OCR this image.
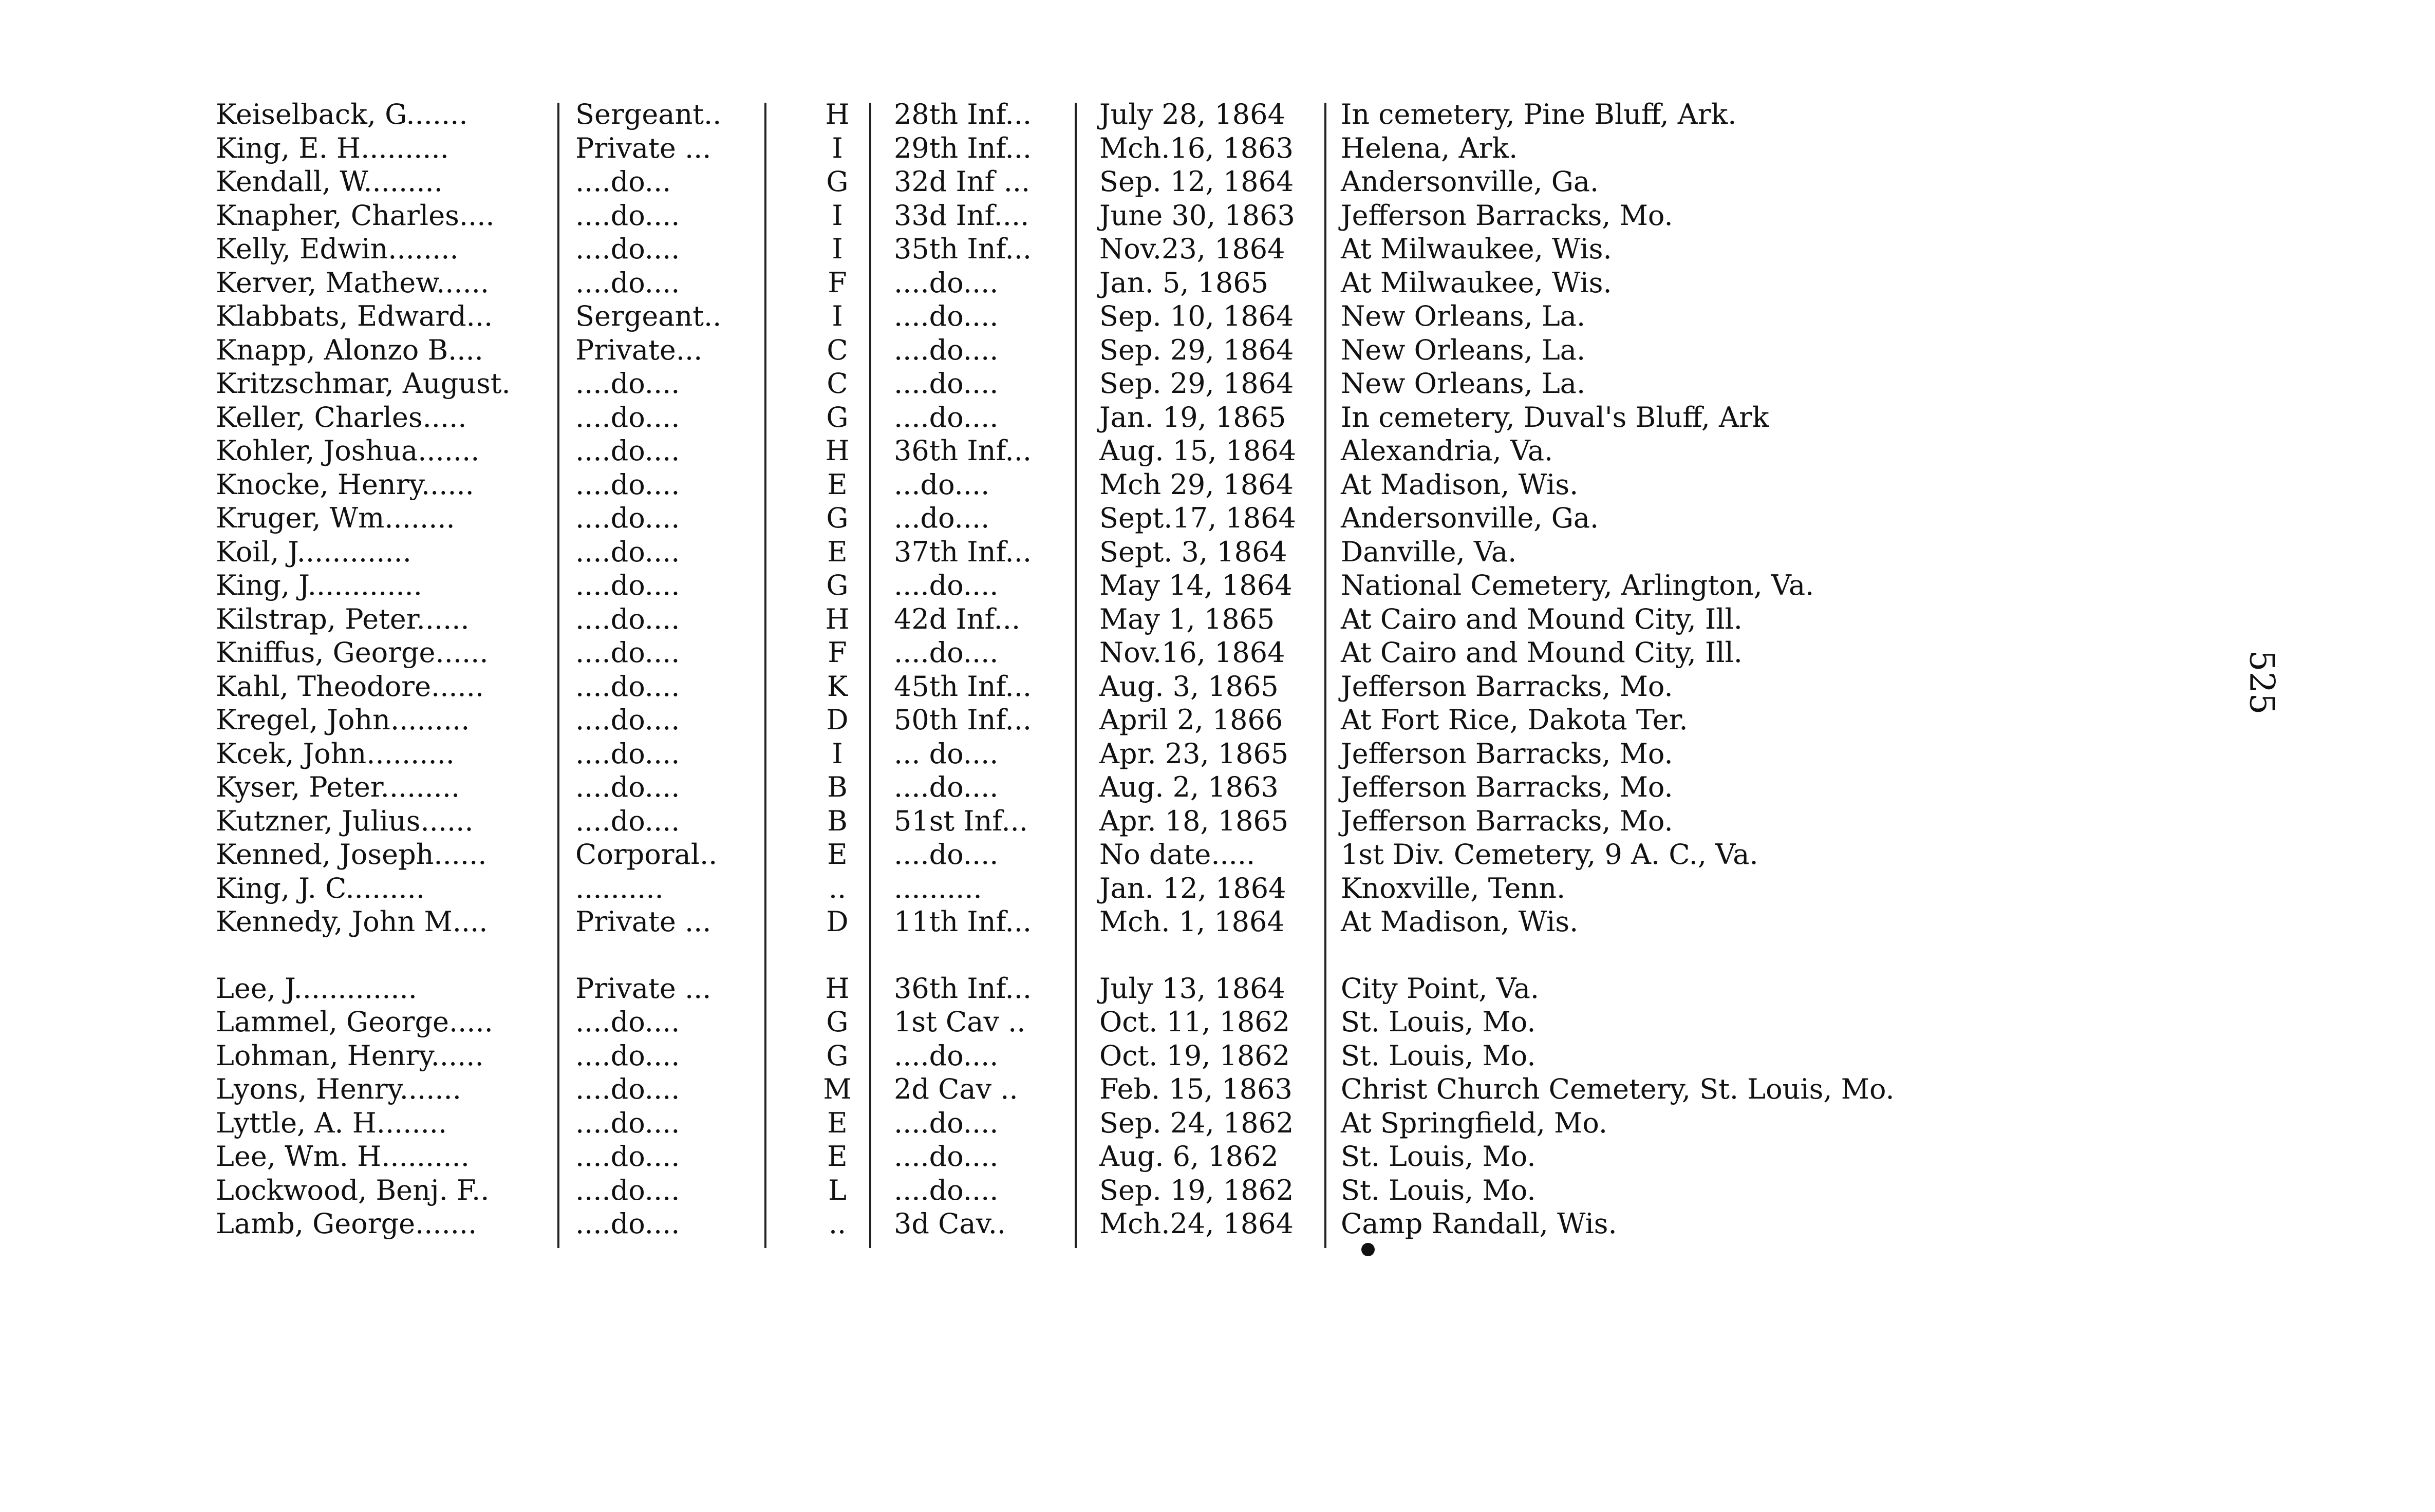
Keiselback, G.......	Sergeant..	H	28th Inf...	July 28, 1864	In cemetery, Pine Bluff, Ark.
King, E. H..........	Private ...	I	29th Inf...	Mch.16, 1863	Helena, Ark.
Kendall, W.........	....do...	G	32d Inf ...	Sep. 12, 1864	Andersonville, Ga.
Knapher, Charles....	....do....	I	33d Inf....	June 30, 1863	Jefferson Barracks, Mo.
Kelly, Edwin........	....do....	I	35th Inf...	Nov.23, 1864	At Milwaukee, Wis.
Kerver, Mathew......	....do....	F	....do....	Jan. 5, 1865	At Milwaukee, Wis.
Klabbats, Edward...	Sergeant..	I	....do....	Sep. 10, 1864	New Orleans, La.
Knapp, Alonzo B....	Private...	C	....do....	Sep. 29, 1864	New Orleans, La.
Kritzschmar, August.	....do....	C	....do....	Sep. 29, 1864	New Orleans, La.
Keller, Charles.....	....do....	G	....do....	Jan. 19, 1865	In cemetery, Duval's Bluff, Ark
Kohler, Joshua.......	....do....	H	36th Inf...	Aug. 15, 1864	Alexandria, Va.
Knocke, Henry......	....do....	E	...do....	Mch 29, 1864	At Madison, Wis.
Kruger, Wm........	....do....	G	...do....	Sept.17, 1864	Andersonville, Ga.
Koil, J.............	....do....	E	37th Inf...	Sept. 3, 1864	Danville, Va.
King, J.............	....do....	G	....do....	May 14, 1864	National Cemetery, Arlington, Va.
Kilstrap, Peter......	....do....	H	42d Inf...	May 1, 1865	At Cairo and Mound City, Ill.
Kniffus, George......	....do....	F	....do....	Nov.16, 1864	At Cairo and Mound City, Ill.
Kahl, Theodore......	....do....	K	45th Inf...	Aug. 3, 1865	Jefferson Barracks, Mo.
Kregel, John.........	....do....	D	50th Inf...	April 2, 1866	At Fort Rice, Dakota Ter.
Kcek, John..........	....do....	I	... do....	Apr. 23, 1865	Jefferson Barracks, Mo.
Kyser, Peter.........	....do....	B	....do....	Aug. 2, 1863	Jefferson Barracks, Mo.
Kutzner, Julius......	....do....	B	51st Inf...	Apr. 18, 1865	Jefferson Barracks, Mo.
Kenned, Joseph......	Corporal..	E	....do....	No date.....	1st Div. Cemetery, 9 A. C., Va.
King, J. C.........	..........	..	..........	Jan. 12, 1864	Knoxville, Tenn.
Kennedy, John M....	Private ...	D	11th Inf...	Mch. 1, 1864	At Madison, Wis.
Lee, J..............	Private ...	H	36th Inf...	July 13, 1864	City Point, Va.
Lammel, George.....	....do....	G	1st Cav ..	Oct. 11, 1862	St. Louis, Mo.
Lohman, Henry......	....do....	G	....do....	Oct. 19, 1862	St. Louis, Mo.
Lyons, Henry.......	....do....	M	2d Cav ..	Feb. 15, 1863	Christ Church Cemetery, St. Louis, Mo.
Lyttle, A. H........	....do....	E	....do....	Sep. 24, 1862	At Springfield, Mo.
Lee, Wm. H..........	....do....	E	....do....	Aug. 6, 1862	St. Louis, Mo.
Lockwood, Benj. F..	....do....	L	....do....	Sep. 19, 1862	St. Louis, Mo.
Lamb, George.......	....do....	..	3d Cav..	Mch.24, 1864	Camp Randall, Wis.
525
